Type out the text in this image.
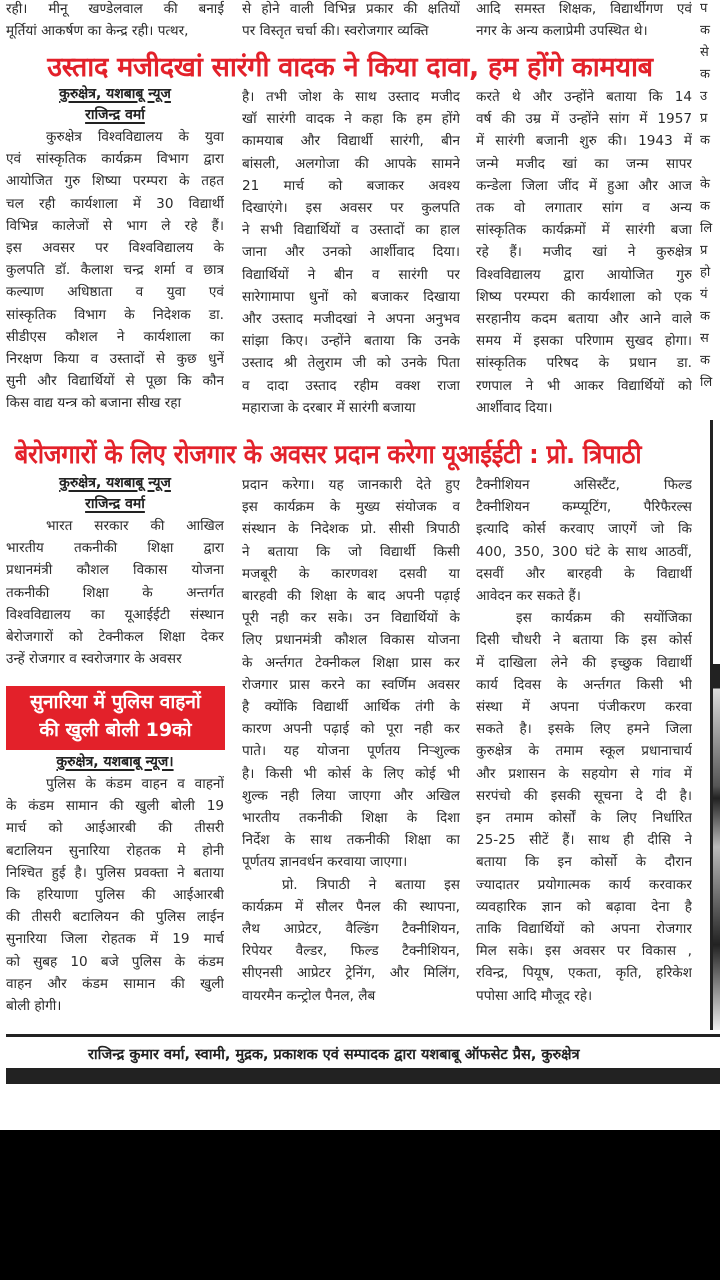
रही। मीनू खण्डेलवाल की बनाई

मूर्तियां आकर्षण का केन्द्र रही। पत्थर,

से होने वाली विभिन्न प्रकार की क्षतियों

पर विस्तृत चर्चा की। स्वरोजगार व्यक्ति

आदि समस्त शिक्षक, विद्यार्थीगण एवं

नगर के अन्य कलाप्रेमी उपस्थित थे।

उस्ताद मजीदखां सारंगी वादक ने किया दावा, हम होंगे कामयाब
कुरुक्षेत्र, यशबाबू न्यूज
राजिन्द्र वर्मा

कुरुक्षेत्र विश्वविद्यालय के युवा

एवं सांस्कृतिक कार्यक्रम विभाग द्वारा

आयोजित गुरु शिष्या परम्परा के तहत

चल रही कार्यशाला में 30 विद्यार्थी

विभिन्न कालेजों से भाग ले रहे हैं।

इस अवसर पर विश्वविद्यालय के

कुलपति डॉ. कैलाश चन्द्र शर्मा व छात्र

कल्याण अधिष्ठाता व युवा एवं

सांस्कृतिक विभाग के निदेशक डा.

सीडीएस कौशल ने कार्यशाला का

निरक्षण किया व उस्तादों से कुछ धुनें

सुनी और विद्यार्थियों से पूछा कि कौन

किस वाद्य यन्त्र को बजाना सीख रहा

है। तभी जोश के साथ उस्ताद मजीद

खॉ सारंगी वादक ने कहा कि हम होंगे

कामयाब और विद्यार्थी सारंगी, बीन

बांसली, अलगोजा की आपके सामने

21 मार्च को बजाकर अवश्य

दिखाएंगे। इस अवसर पर कुलपति

ने सभी विद्यार्थियों व उस्तादों का हाल

जाना और उनको आर्शीवाद दिया।

विद्यार्थियों ने बीन व सारंगी पर

सारेगामापा धुनों को बजाकर दिखाया

और उस्ताद मजीदखां ने अपना अनुभव

सांझा किए। उन्होंने बताया कि उनके

उस्ताद श्री तेलुराम जी को उनके पिता

व दादा उस्ताद रहीम वक्श राजा

महाराजा के दरबार में सारंगी बजाया

करते थे और उन्होंने बताया कि 14

वर्ष की उम्र में उन्होंने सांग में 1957

में सारंगी बजानी शुरु की। 1943 में

जन्मे मजीद खां का जन्म सापर

कन्डेला जिला जींद में हुआ और आज

तक वो लगातार सांग व अन्य

सांस्कृतिक कार्यक्रमों में सारंगी बजा

रहे हैं। मजीद खां ने कुरुक्षेत्र

विश्वविद्यालय द्वारा आयोजित गुरु

शिष्य परम्परा की कार्यशाला को एक

सरहानीय कदम बताया और आने वाले

समय में इसका परिणाम सुखद होगा।

सांस्कृतिक परिषद के प्रधान डा.

रणपाल ने भी आकर विद्यार्थियों को

आर्शीवाद दिया।

बेरोजगारों के लिए रोजगार के अवसर प्रदान करेगा यूआईईटी : प्रो. त्रिपाठी
कुरुक्षेत्र, यशबाबू न्यूज
राजिन्द्र वर्मा

भारत सरकार की आखिल

भारतीय तकनीकी शिक्षा द्वारा

प्रधानमंत्री कौशल विकास योजना

तकनीकी शिक्षा के अन्तर्गत

विश्वविद्यालय का यूआईईटी संस्थान

बेरोजगारों को टेक्नीकल शिक्षा देकर

उन्हें रोजगार व स्वरोजगार के अवसर

प्रदान करेगा। यह जानकारी देते हुए

इस कार्यक्रम के मुख्य संयोजक व

संस्थान के निदेशक प्रो. सीसी त्रिपाठी

ने बताया कि जो विद्यार्थी किसी

मजबूरी के कारणवश दसवी या

बारहवी की शिक्षा के बाद अपनी पढ़ाई

पूरी नही कर सके। उन विद्यार्थियों के

लिए प्रधानमंत्री कौशल विकास योजना

के अर्न्तगत टेक्नीकल शिक्षा प्रास कर

रोजगार प्रास करने का स्वर्णिम अवसर

है क्योंकि विद्यार्थी आर्थिक तंगी के

कारण अपनी पढ़ाई को पूरा नही कर

पाते। यह योजना पूर्णतय निऱ्शुल्क

है। किसी भी कोर्स के लिए कोई भी

शुल्क नही लिया जाएगा और अखिल

भारतीय तकनीकी शिक्षा के दिशा

निर्देश के साथ तकनीकी शिक्षा का

पूर्णतय ज्ञानवर्धन करवाया जाएगा।

प्रो. त्रिपाठी ने बताया इस

कार्यक्रम में सौलर पैनल की स्थापना,

लैथ आप्रेटर, वैल्डिंग टैक्नीशियन,

रिपेयर वैल्डर, फिल्ड टैक्नीशियन,

सीएनसी आप्रेटर ट्रेनिंग, और मिलिंग,

वायरमैन कन्ट्रोल पैनल, लैब

टैक्नीशियन असिस्टैंट, फिल्ड

टैक्नीशियन कम्प्यूटिंग, पैरिफैरल्स

इत्यादि कोर्स करवाए जाएगें जो कि

400, 350, 300 घंटे के साथ आठवीं,

दसवीं और बारहवी के विद्यार्थी

आवेदन कर सकते हैं।

इस कार्यक्रम की सयोंजिका

दिसी चौधरी ने बताया कि इस कोर्स

में दाखिला लेने की इच्छुक विद्यार्थी

कार्य दिवस के अर्न्तगत किसी भी

संस्था में अपना पंजीकरण करवा

सकते है। इसके लिए हमने जिला

कुरुक्षेत्र के तमाम स्कूल प्रधानाचार्य

और प्रशासन के सहयोग से गांव में

सरपंचो की इसकी सूचना दे दी है।

इन तमाम कोर्सों के लिए निर्धारित

25-25 सीटें हैं। साथ ही दीसि ने

बताया कि इन कोर्सो के दौरान

ज्यादातर प्रयोगात्मक कार्य करवाकर

व्यवहारिक ज्ञान को बढ़ावा देना है

ताकि विद्यार्थियों को अपना रोजगार

मिल सके। इस अवसर पर विकास ,

रविन्द्र, पियूष, एकता, कृति, हरिकेश

पपोसा आदि मौजूद रहे।

सुनारिया में पुलिस वाहनों
की खुली बोली 19को
कुरुक्षेत्र, यशबाबू न्यूज।

पुलिस के कंडम वाहन व वाहनों

के कंडम सामान की खुली बोली 19

मार्च को आईआरबी की तीसरी

बटालियन सुनारिया रोहतक मे होनी

निश्चित हुई है। पुलिस प्रवक्ता ने बताया

कि हरियाणा पुलिस की आईआरबी

की तीसरी बटालियन की पुलिस लाईन

सुनारिया जिला रोहतक में 19 मार्च

को सुबह 10 बजे पुलिस के कंडम

वाहन और कंडम सामान की खुली

बोली होगी।

प
क
से
क
उ
प्र
क
के
क
लि
प्र
हो
यं
क
स
क
लि
राजिन्द्र कुमार वर्मा, स्वामी, मुद्रक, प्रकाशक एवं सम्पादक द्वारा यशबाबू ऑफसेट प्रैस, कुरुक्षेत्र
